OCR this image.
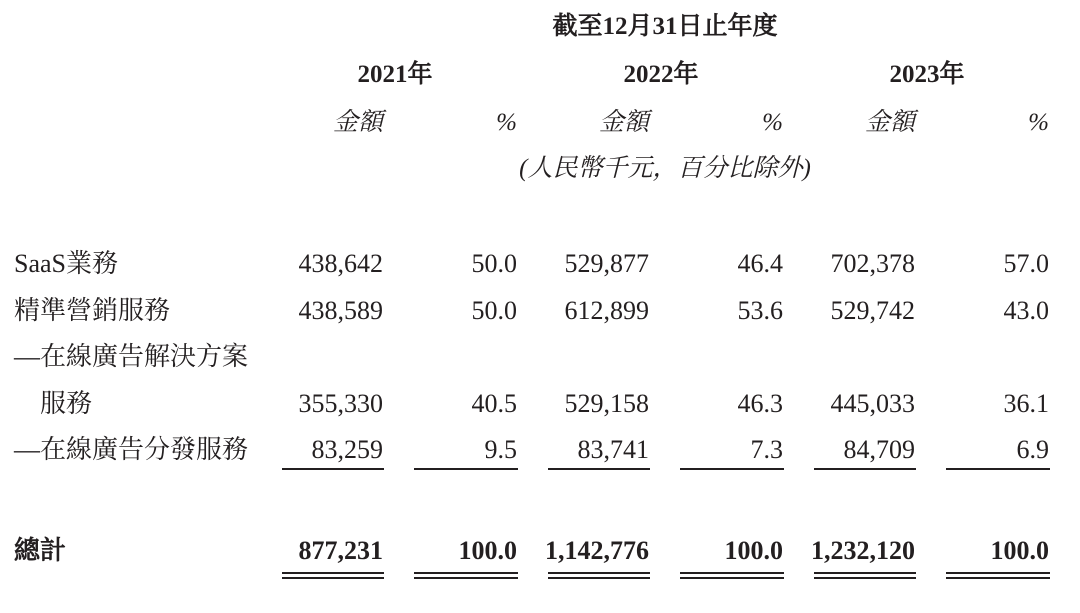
截至12月31日止年度
2021年	2022年	2023年
金額	%	金額	%	金額	%
(人民幣千元，百分比除外)
SaaS業務	438,642	50.0	529,877	46.4	702,378	57.0
精準營銷服務	438,589	50.0	612,899	53.6	529,742	43.0
—在線廣告解決方案
服務	355,330	40.5	529,158	46.3	445,033	36.1
—在線廣告分發服務	83,259	9.5	83,741	7.3	84,709	6.9
總計	877,231	100.0	1,142,776	100.0	1,232,120	100.0
